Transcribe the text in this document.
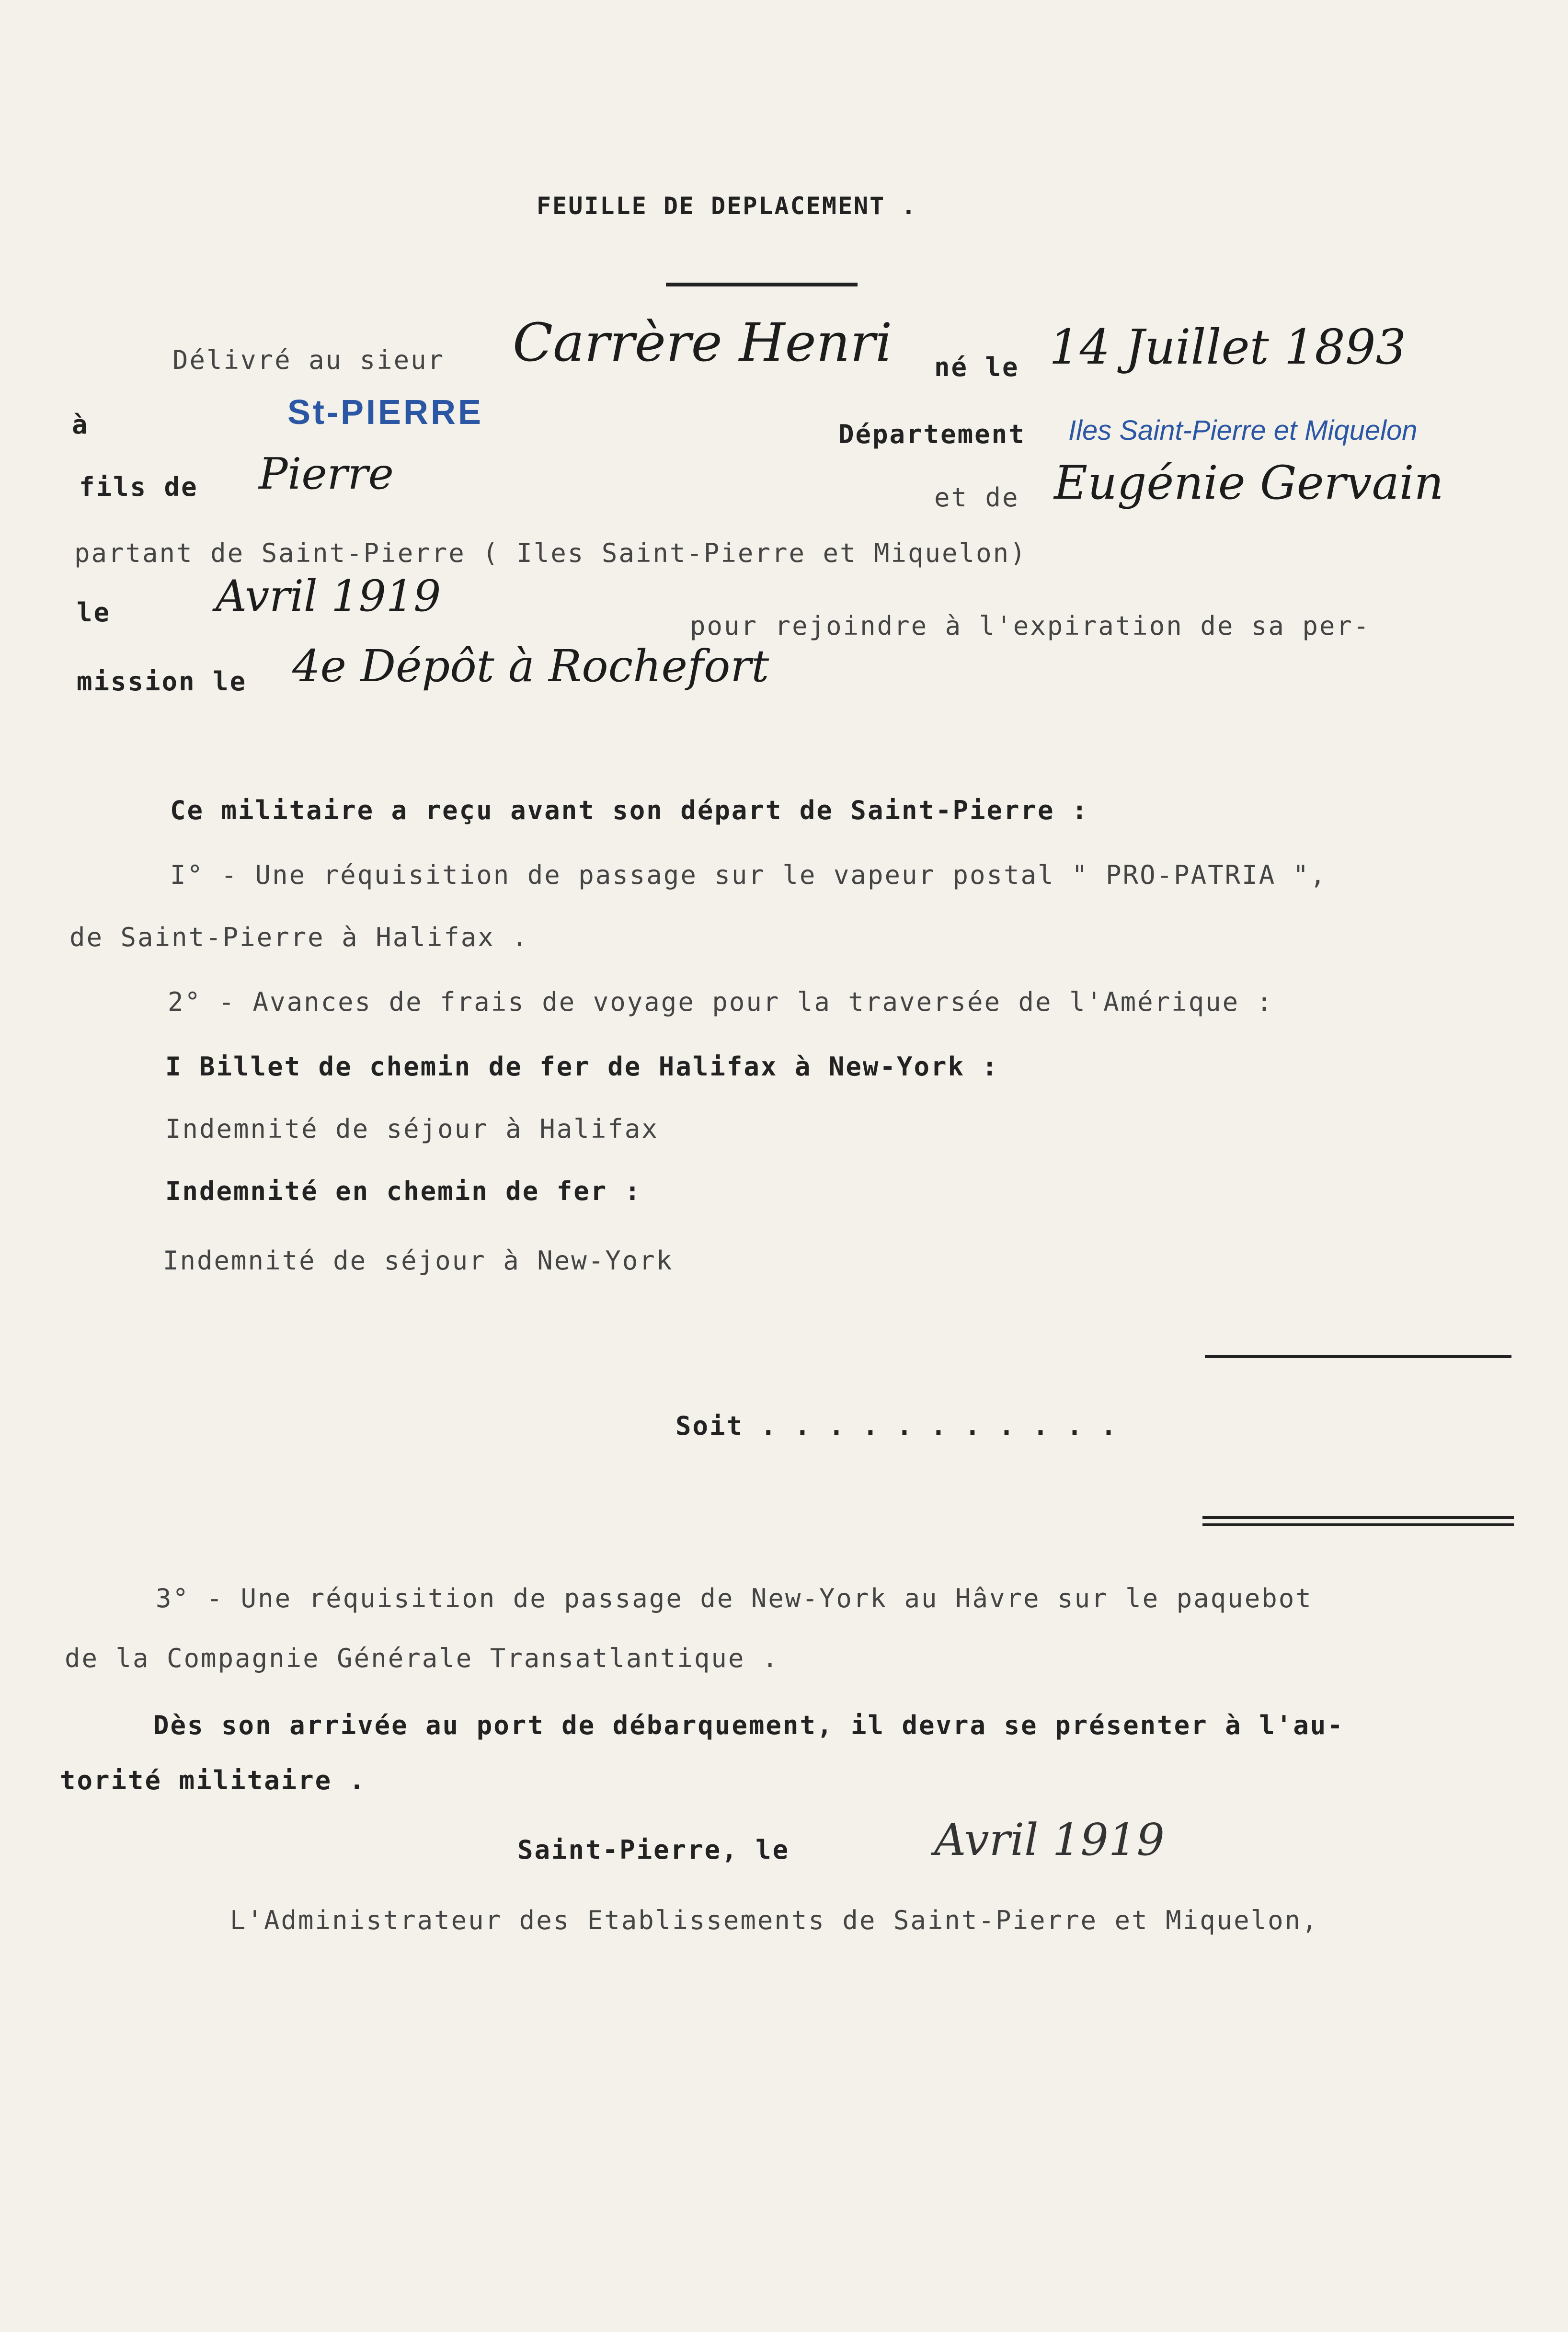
FEUILLE DE DEPLACEMENT .
Délivré au sieur Carrère Henri né le 14 Juillet 1893
à	St-PIERRE
Département Iles Saint-Pierre et Miquelon
fils de Pierre	et de Eugénie Gervain
partant de Saint-Pierre ( Iles Saint-Pierre et Miquelon)
le Avril 1919
pour rejoindre à l'expiration de sa per-
mission le 4e Dépôt à Rochefort
Ce militaire a reçu avant son départ de Saint-Pierre :
I° - Une réquisition de passage sur le vapeur postal " PRO-PATRIA ",
de Saint-Pierre à Halifax .
2° - Avances de frais de voyage pour la traversée de l'Amérique :
I Billet de chemin de fer de Halifax à New-York :
Indemnité de séjour à Halifax
Indemnité en chemin de fer :
Indemnité de séjour à New-York
Soit . . . . . . . . . . .
3° - Une réquisition de passage de New-York au Hâvre sur le paquebot
de la Compagnie Générale Transatlantique .
Dès son arrivée au port de débarquement, il devra se présenter à l'au-
torité militaire .
Saint-Pierre, le	Avril 1919
L'Administrateur des Etablissements de Saint-Pierre et Miquelon,
